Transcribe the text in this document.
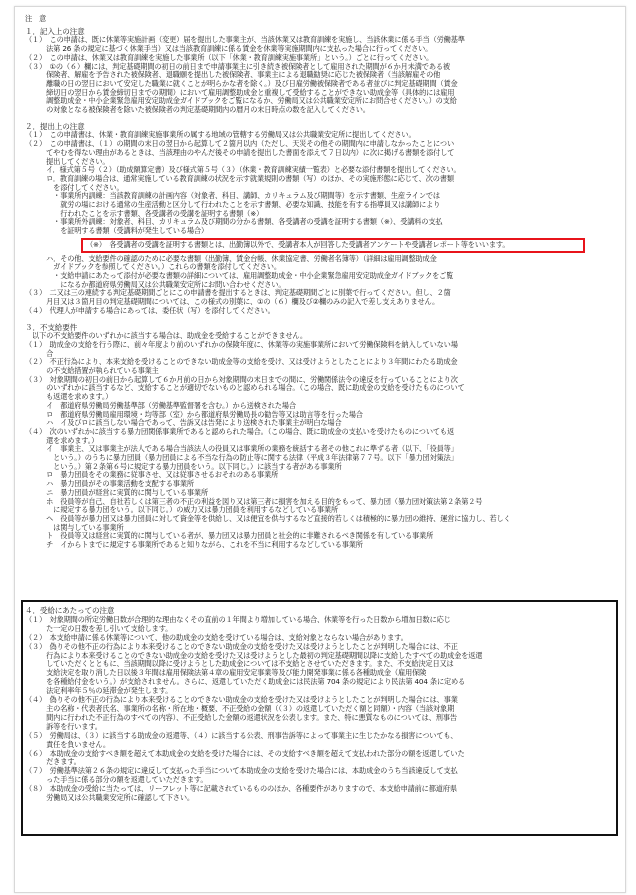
注　意
１．記入上の注意
（１）　この申請は、既に休業等実施計画（変更）届を提出した事業主が、当該休業又は教育訓練を実施し、当該休業に係る手当（労働基準
　　　法第 26 条の規定に基づく休業手当）又は当該教育訓練に係る賃金を休業等実施期間内に支払った場合に行ってください。
（２）　この申請は、休業又は教育訓練を実施した事業所（以下「休業・教育訓練実施事業所」という。）ごとに行ってください。
（３）　①の（６）欄には、判定基礎期間の初日の前日まで申請事業主に引き続き被保険者として雇用された期間が６か月未満である被
　　　保険者、解雇を予告された被保険者、退職願を提出した被保険者、事業主による退職勧奨に応じた被保険者（当該解雇その他
　　　離職の日の翌日において安定した職業に就くことが明らかな者を除く。）及び日雇労働被保険者である者並びに判定基礎期間（賃金
　　　締切日の翌日から賃金締切日までの期間）において雇用調整助成金と重複して受給することができない助成金等（具体的には雇用
　　　調整助成金・中小企業緊急雇用安定助成金ガイドブックをご覧になるか、労働局又は公共職業安定所にお問合せください。）の支給
　　　の対象となる被保険者を除いた被保険者の判定基礎期間内の暦月の末日時点の数を記入してください。
２．提出上の注意
（１）　この申請書は、休業・教育訓練実施事業所の属する地域の管轄する労働局又は公共職業安定所に提出してください。
（２）　この申請書は、（１）の期間の末日の翌日から起算して２箇月以内（ただし、天災その他その期間内に申請しなかったことについ
　　　てやむを得ない理由があるときは、当該理由のやんだ後その申請を提出した書面を添えて７日以内）に次に掲げる書類を添付して
　　　提出してください。
　　　イ．様式第５号（２）（助成額算定書）及び様式第５号（３）（休業・教育訓練実績一覧表）と必要な添付書類を提出してください。
　　　ロ．教育訓練の場合は、通常実施している教育訓練の状況を示す就業規則の書類（写）のほか、その実施形態に応じて、次の書類
　　　　を添付してください。
　　　　・事業所内訓練：当該教育訓練の計画内容（対象者、科目、講師、カリキュラム及び期間等）を示す書類、生産ラインでは
　　　　　就労の場における通常の生産活動と区分して行われたことを示す書類、必要な知識、技能を有する指導員又は講師により
　　　　　行われたことを示す書類、各受講者の受講を証明する書類（※）
　　　　・事業所外訓練：対象者、科目、カリキュラム及び期間の分かる書類、各受講者の受講を証明する書類（※）、受講料の支払
　　　　　を証明する書類（受講料が発生している場合）
（※）　各受講者の受講を証明する書類とは、出勤簿以外で、受講者本人が回答した受講者アンケートや受講者レポート等をいいます。
　　　ハ．その他、支給要件の確認のために必要な書類（出勤簿、賃金台帳、休業協定書、労働者名簿等）（詳細は雇用調整助成金
　　　　ガイドブックを参照してください。）これらの書類を添付してください。
　　　　・支給申請にあたって添付が必要な書類の詳細については、雇用調整助成金・中小企業緊急雇用安定助成金ガイドブックをご覧
　　　　　になるか都道府県労働局又は公共職業安定所にお問い合わせください。
（３）　二又は三の連続する判定基礎期間ごとにこの申請書を提出するときは、判定基礎期間ごとに別葉で行ってください。但し、２箇
　　　月目又は３箇月目の判定基礎期間については、この様式の別葉に、①の（６）欄及び②欄のみの記入で差し支えありません。
（４）　代理人が申請する場合にあっては、委任状（写）を添付してください。
３．不支給要件
　以下の不支給要件のいずれかに該当する場合は、助成金を受給することができません。
（１）　助成金の支給を行う際に、前々年度より前のいずれかの保険年度に、休業等の実施事業所において労働保険料を納入していない場
　　　合
（２）　不正行為により、本来支給を受けることのできない助成金等の支給を受け、又は受けようとしたことにより３年間にわたる助成金
　　　の不支給措置が執られている事業主
（３）　対象期間の初日の前日から起算して６か月前の日から対象期間の末日までの間に、労働関係法令の違反を行っていることにより次
　　　のいずれかに該当するなど、支給することが適切でないものと認められる場合。（この場合、既に助成金の支給を受けたものについて
　　　も返還を求めます。）
　　　イ　都道府県労働局労働基準部（労働基準監督署を含む。）から送検された場合
　　　ロ　都道府県労働局雇用環境・均等部（室）から都道府県労働局長の勧告等又は助言等を行った場合
　　　ハ　イ及びロに該当しない場合であって、告訴又は告発により送検された事業主が明白な場合
（４）　次のいずれかに該当する暴力団関係事業所であると認められた場合。（この場合、既に助成金の支払いを受けたものについても返
　　　還を求めます。）
　　　イ　事業主、又は事業主が法人である場合当該法人の役員又は事業所の業務を統括する者その他これに準ずる者（以下、「役員等」
　　　　という。）のうちに暴力団員（暴力団員による不当な行為の防止等に関する法律（平成３年法律第７７号。以下「暴力団対策法」
　　　　という。）第２条第６号に規定する暴力団員をいう。以下同じ。）に該当する者がある事業所
　　　ロ　暴力団員をその業務に従事させ、又は従事させるおそれのある事業所
　　　ハ　暴力団員がその事業活動を支配する事業所
　　　ニ　暴力団員が経営に実質的に関与している事業所
　　　ホ　役員等が自己、自社若しくは第三者の不正の利益を図り又は第三者に損害を加える目的をもって、暴力団（暴力団対策法第２条第２号
　　　　に規定する暴力団をいう。以下同じ。）の威力又は暴力団員を利用するなどしている事業所
　　　ヘ　役員等が暴力団又は暴力団員に対して資金等を供給し、又は便宜を供与するなど直接的若しくは積極的に暴力団の維持、運営に協力し、若しく
　　　　は関与している事業所
　　　ト　役員等又は経営に実質的に関与している者が、暴力団又は暴力団員と社会的に非難されるべき関係を有している事業所
　　　チ　イからトまでに規定する事業所であると知りながら、これを不当に利用するなどしている事業所
４．受給にあたっての注意
（１）　対象期間の所定労働日数が合理的な理由なくその直前の１年間より増加している場合、休業等を行った日数から増加日数に応じ
　　　た一定の日数を差し引いて支給します。
（２）　本支給申請に係る休業等について、他の助成金の支給を受けている場合は、支給対象とならない場合があります。
（３）　偽りその他不正の行為により本来受けることのできない助成金の支給を受けた又は受けようとしたことが判明した場合には、不正
　　　行為により本来受けることのできない助成金の支給を受けた又は受けようとした最初の判定基礎期間以降に支給したすべての助成金を返還
　　　していただくとともに、当該期間以降に受けようとした助成金については不支給とさせていただきます。また、不支給決定日又は
　　　支給決定を取り消した日以後３年間は雇用保険法第４章の雇用安定事業等及び能力開発事業に係る各種助成金（雇用保険
　　　を各種給付金をいう。）が支給されません。さらに、返還していただく助成金には民法第 704 条の規定により民法第 404 条に定める
　　　法定利率年５％の延滞金が発生します。
（４）　偽りその他不正の行為により本来受けることのできない助成金の支給を受けた又は受けようとしたことが判明した場合には、事業
　　　主の名称・代表者氏名、事業所の名称・所在地・概要、不正受給の金額（（３）の返還していただく額と同額）・内容（当該対象期
　　　間内に行われた不正行為のすべての内容）、不正受給した金額の返還状況を公表します。また、特に悪質なものについては、刑事告
　　　訴等を行います。
（５）　労働局は、（３）に該当する助成金の返還等、（４）に該当する公表、刑事告訴等によって事業主に生じたかなる損害についても、
　　　責任を負いません。
（６）　本助成金の支給すべき額を超えて本助成金の支給を受けた場合には、その支給すべき額を超えて支払われた部分の額を返還していた
　　　だきます。
（７）　労働基準法第２６条の規定に違反して支払った手当について本助成金の支給を受けた場合には、本助成金のうち当該違反して支払
　　　った手当に係る部分の額を返還していただきます。
（８）　本助成金の受給に当たっては、リーフレット等に記載されているもののほか、各種要件がありますので、本支給申請前に都道府県
　　　労働局又は公共職業安定所に確認して下さい。
